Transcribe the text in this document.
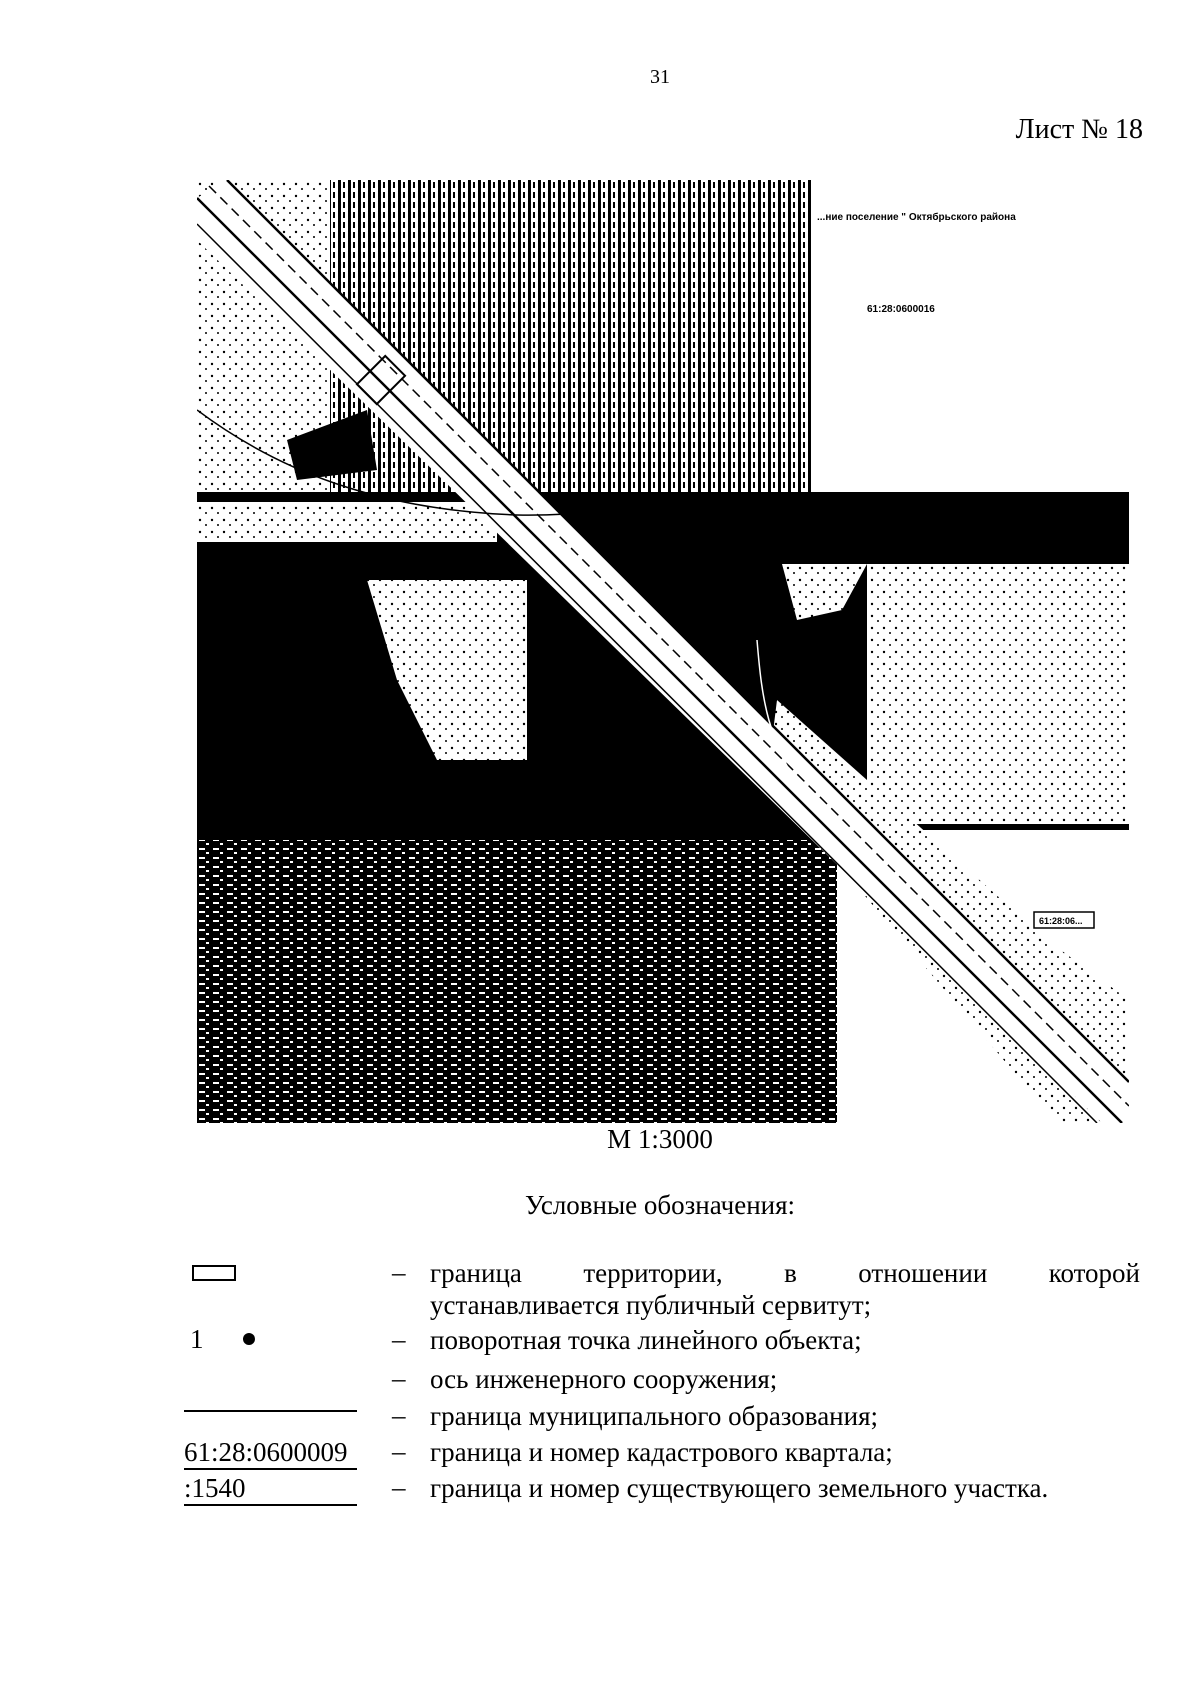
31
Лист № 18
...ние поселение " Октябрьского района
61:28:0600016
61:28:06...
М 1:3000
Условные обозначения:
– граница территории, в отношении которой
устанавливается публичный сервитут;
1	– поворотная точка линейного объекта;
– ось инженерного сооружения;
– граница муниципального образования;
61:28:0600009	– граница и номер кадастрового квартала;
:1540	– граница и номер существующего земельного участка.
